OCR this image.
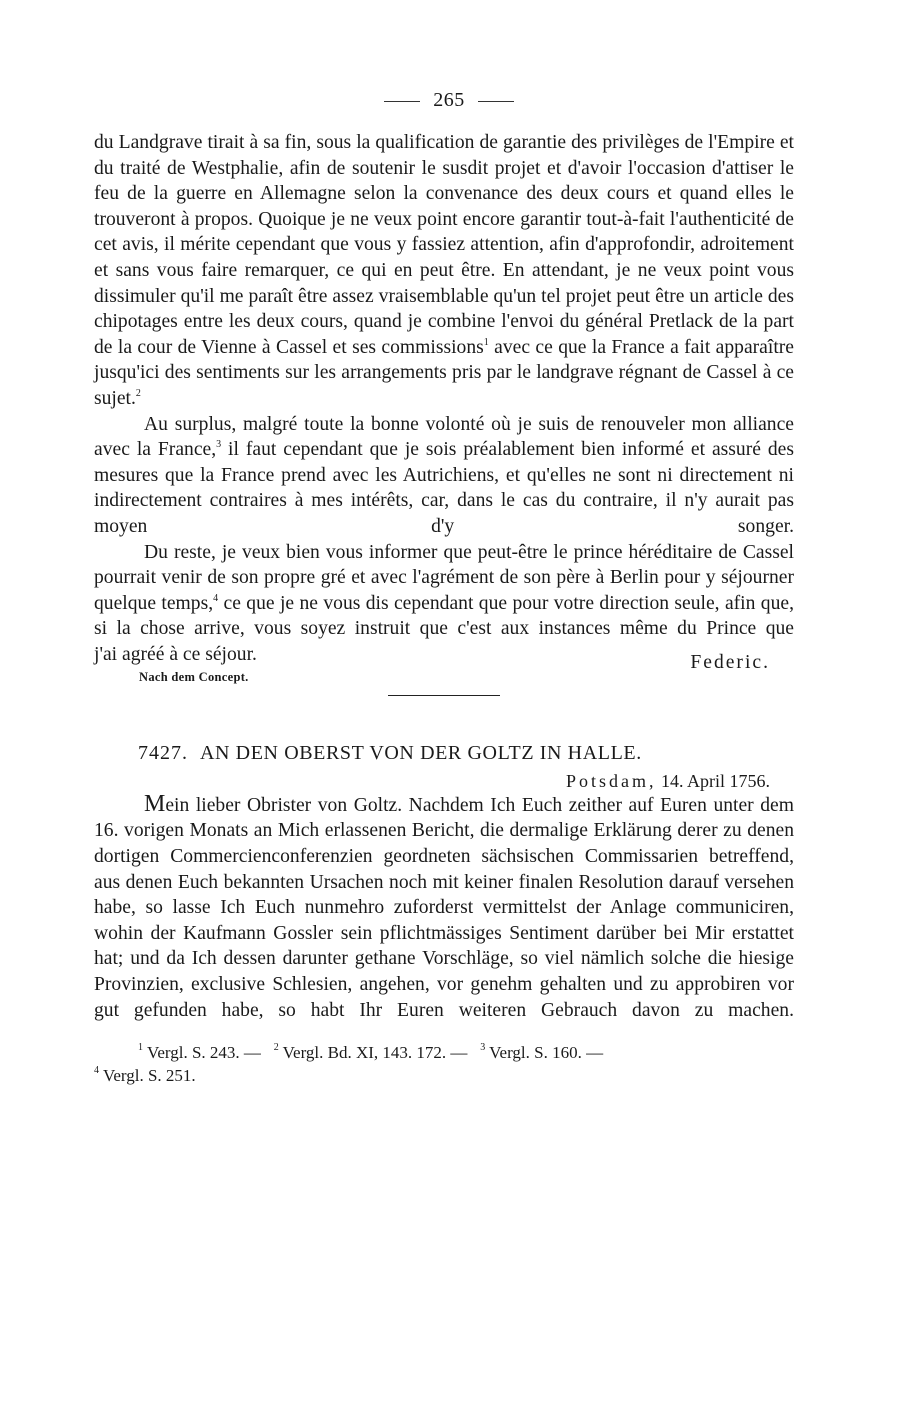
265

du Landgrave tirait à sa fin, sous la qualification de garantie des privilèges de l'Empire et du traité de Westphalie, afin de soutenir le susdit projet et d'avoir l'occasion d'attiser le feu de la guerre en Allemagne selon la convenance des deux cours et quand elles le trouveront à propos. Quoique je ne veux point encore garantir tout-à-fait l'authenticité de cet avis, il mérite cependant que vous y fassiez attention, afin d'approfondir, adroitement et sans vous faire remarquer, ce qui en peut être. En attendant, je ne veux point vous dissimuler qu'il me paraît être assez vraisemblable qu'un tel projet peut être un article des chipotages entre les deux cours, quand je combine l'envoi du général Pretlack de la part de la cour de Vienne à Cassel et ses commissions$^1$ avec ce que la France a fait apparaître jusqu'ici des sentiments sur les arrangements pris par le landgrave régnant de Cassel à ce sujet.$^2$

Au surplus, malgré toute la bonne volonté où je suis de renouveler mon alliance avec la France,$^3$ il faut cependant que je sois préalablement bien informé et assuré des mesures que la France prend avec les Autrichiens, et qu'elles ne sont ni directement ni indirectement contraires à mes intérêts, car, dans le cas du contraire, il n'y aurait pas moyen d'y songer.

Du reste, je veux bien vous informer que peut-être le prince héréditaire de Cassel pourrait venir de son propre gré et avec l'agrément de son père à Berlin pour y séjourner quelque temps,$^4$ ce que je ne vous dis cependant que pour votre direction seule, afin que, si la chose arrive, vous soyez instruit que c'est aux instances même du Prince que

j'ai agréé à ce séjour.	Federic.
Nach dem Concept.
7427. AN DEN OBERST VON DER GOLTZ IN HALLE.
Potsdam, 14. April 1756.

Mein lieber Obrister von Goltz. Nachdem Ich Euch zeither auf Euren unter dem 16. vorigen Monats an Mich erlassenen Bericht, die dermalige Erklärung derer zu denen dortigen Commercienconferenzien geordneten sächsischen Commissarien betreffend, aus denen Euch bekannten Ursachen noch mit keiner finalen Resolution darauf versehen habe, so lasse Ich Euch nunmehro zuforderst vermittelst der Anlage communiciren, wohin der Kaufmann Gossler sein pflichtmässiges Sentiment darüber bei Mir erstattet hat; und da Ich dessen darunter gethane Vorschläge, so viel nämlich solche die hiesige Provinzien, exclusive Schlesien, angehen, vor genehm gehalten und zu approbiren vor gut gefunden habe, so habt Ihr Euren weiteren Gebrauch davon zu machen.

$^1$ Vergl. S. 243. — $^2$ Vergl. Bd. XI, 143. 172. — $^3$ Vergl. S. 160. —
$^4$ Vergl. S. 251.
